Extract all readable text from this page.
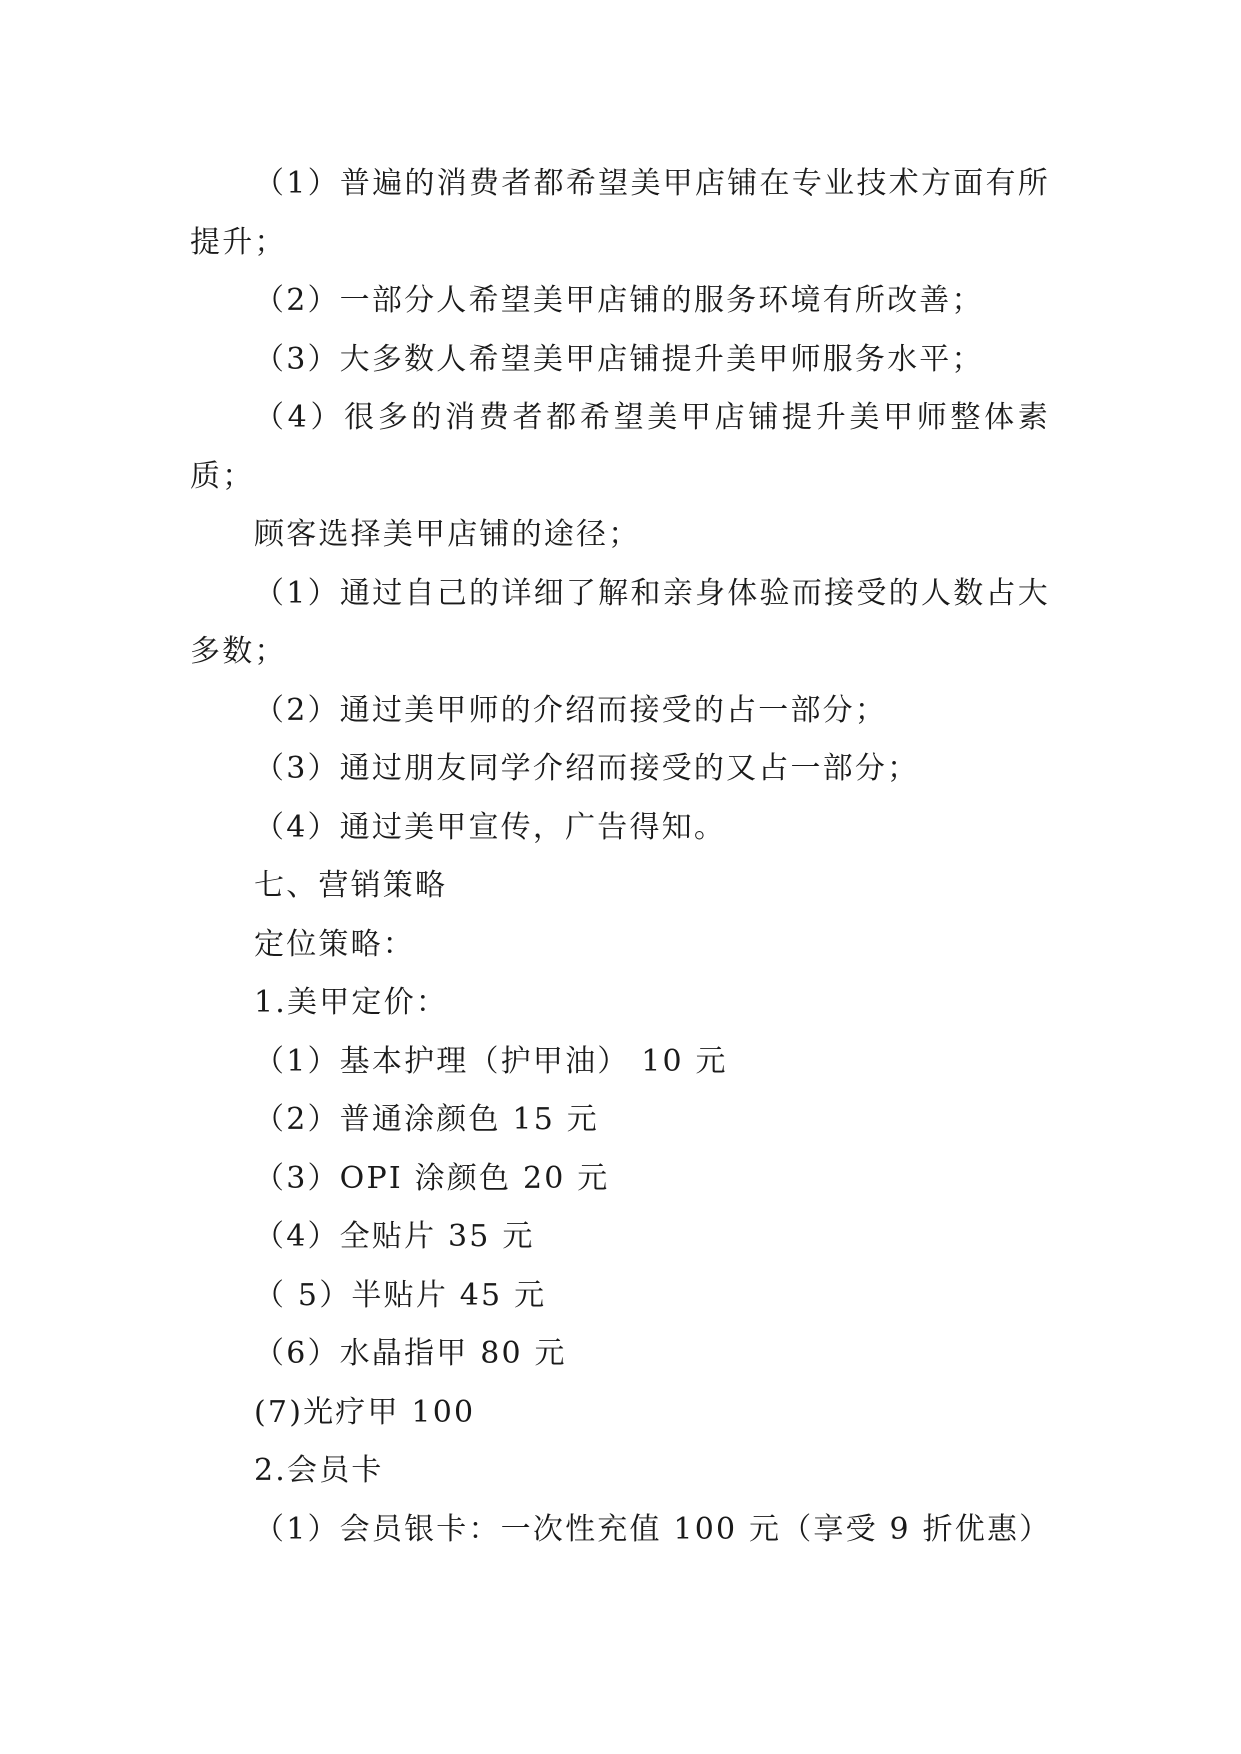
（1）普遍的消费者都希望美甲店铺在专业技术方面有所提升；

（2）一部分人希望美甲店铺的服务环境有所改善；

（3）大多数人希望美甲店铺提升美甲师服务水平；

（4）很多的消费者都希望美甲店铺提升美甲师整体素质；

顾客选择美甲店铺的途径；

（1）通过自己的详细了解和亲身体验而接受的人数占大多数；

（2）通过美甲师的介绍而接受的占一部分；

（3）通过朋友同学介绍而接受的又占一部分；

（4）通过美甲宣传，广告得知。

七、营销策略

定位策略：

1.美甲定价：

（1）基本护理（护甲油） 10 元

（2）普通涂颜色 15 元

（3）OPI 涂颜色 20 元

（4）全贴片 35 元

（ 5）半贴片 45 元

（6）水晶指甲 80 元

(7)光疗甲 100

2.会员卡

（1）会员银卡：一次性充值 100 元（享受 9 折优惠）
